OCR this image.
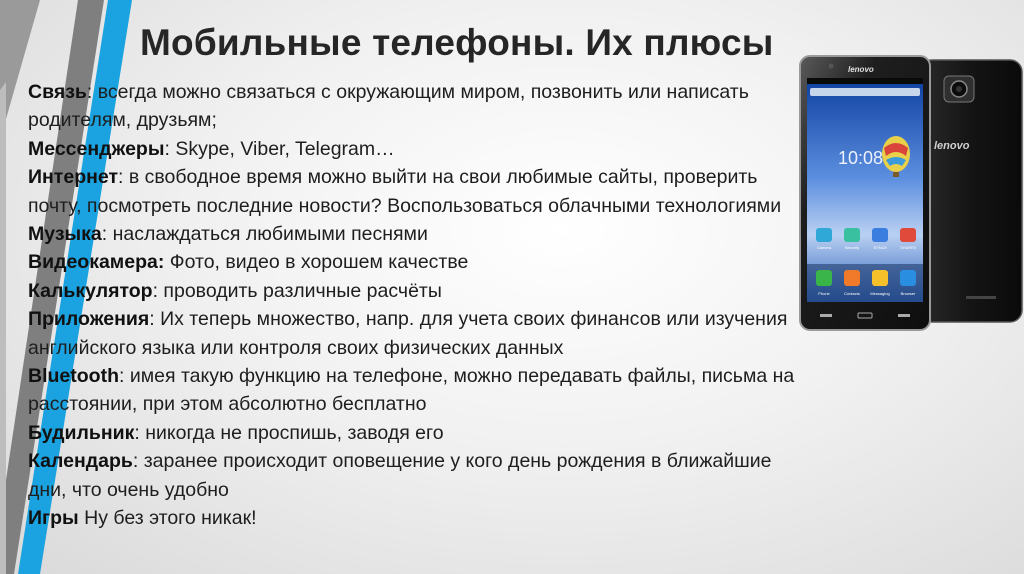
Мобильные телефоны. Их плюсы

Связь: всегда можно связаться с окружающим миром, позвонить или написать родителям, друзьям;

Мессенджеры: Skype, Viber, Telegram…

Интернет: в свободное время можно выйти на свои любимые сайты, проверить почту, посмотреть последние новости? Воспользоваться облачными технологиями

Музыка: наслаждаться любимыми песнями

Видеокамера: Фото, видео в хорошем качестве

Калькулятор: проводить различные расчёты

Приложения: Их теперь множество, напр. для учета своих финансов или изучения английского языка или контроля своих физических данных

Bluetooth: имея такую функцию на телефоне, можно передавать файлы, письма на расстоянии, при этом абсолютно бесплатно

Будильник: никогда не проспишь, заводя его

Календарь: заранее происходит оповещение у кого день рождения в ближайшие дни, что очень удобно

Игры Ну без этого никак!

lenovo
lenovo
10:08
Camera	Security	SYNCit	SHAREit
Phone	Contacts	Messaging	Browser
